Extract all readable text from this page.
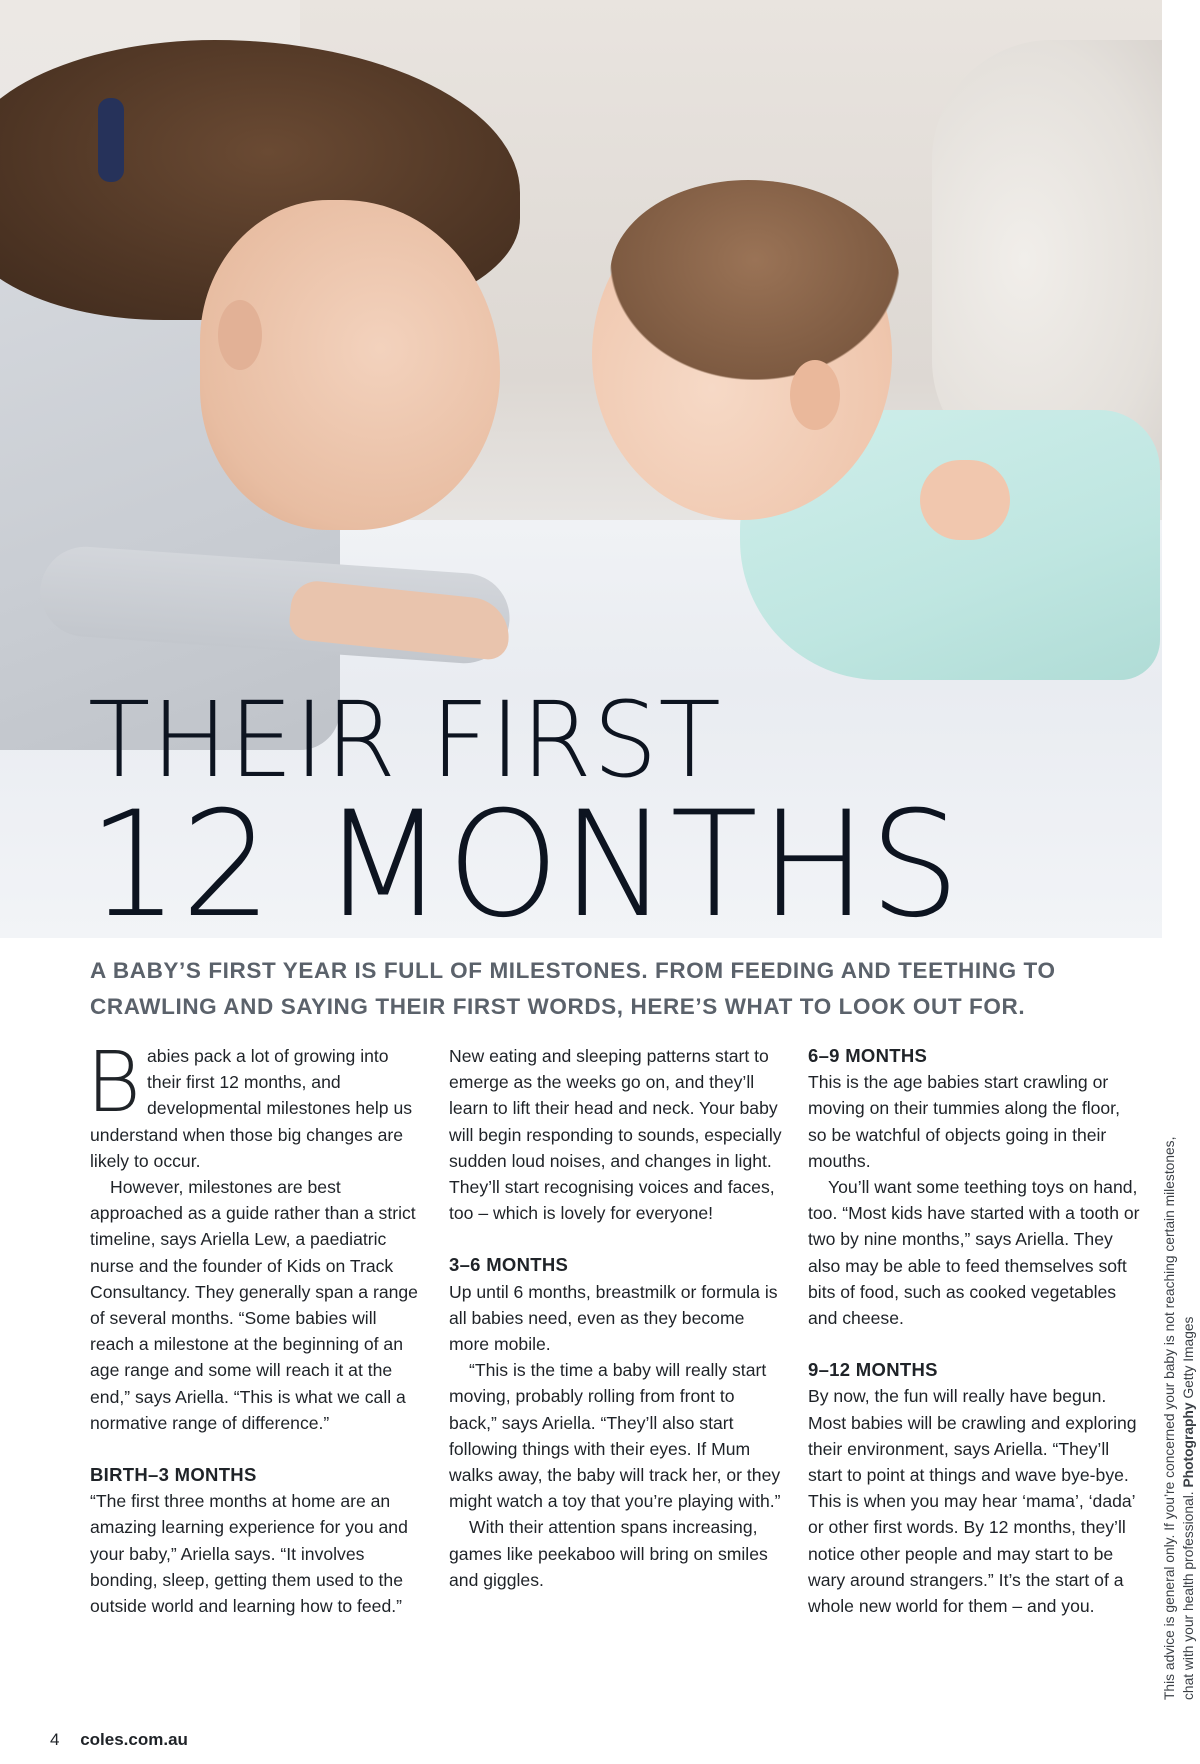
THEIR FIRST
12 MONTHS

A BABY’S FIRST YEAR IS FULL OF MILESTONES. FROM FEEDING AND TEETHING TO CRAWLING AND SAYING THEIR FIRST WORDS, HERE’S WHAT TO LOOK OUT FOR.

Babies pack a lot of growing into their first 12 months, and developmental milestones help us understand when those big changes are likely to occur.

However, milestones are best approached as a guide rather than a strict timeline, says Ariella Lew, a paediatric nurse and the founder of Kids on Track Consultancy. They generally span a range of several months. “Some babies will reach a milestone at the beginning of an age range and some will reach it at the end,” says Ariella. “This is what we call a normative range of difference.”

BIRTH–3 MONTHS

“The first three months at home are an amazing learning experience for you and your baby,” Ariella says. “It involves bonding, sleep, getting them used to the outside world and learning how to feed.”

New eating and sleeping patterns start to emerge as the weeks go on, and they’ll learn to lift their head and neck. Your baby will begin responding to sounds, especially sudden loud noises, and changes in light. They’ll start recognising voices and faces, too – which is lovely for everyone!

3–6 MONTHS

Up until 6 months, breastmilk or formula is all babies need, even as they become more mobile.

“This is the time a baby will really start moving, probably rolling from front to back,” says Ariella. “They’ll also start following things with their eyes. If Mum walks away, the baby will track her, or they might watch a toy that you’re playing with.”

With their attention spans increasing, games like peekaboo will bring on smiles and giggles.

6–9 MONTHS

This is the age babies start crawling or moving on their tummies along the floor, so be watchful of objects going in their mouths.

You’ll want some teething toys on hand, too. “Most kids have started with a tooth or two by nine months,” says Ariella. They also may be able to feed themselves soft bits of food, such as cooked vegetables and cheese.

9–12 MONTHS

By now, the fun will really have begun. Most babies will be crawling and exploring their environment, says Ariella. “They’ll start to point at things and wave bye-bye. This is when you may hear ‘mama’, ‘dada’ or other first words. By 12 months, they’ll notice other people and may start to be wary around strangers.” It’s the start of a whole new world for them – and you.

4 coles.com.au
This advice is general only. If you’re concerned your baby is not reaching certain milestones, chat with your health professional. Photography Getty Images
